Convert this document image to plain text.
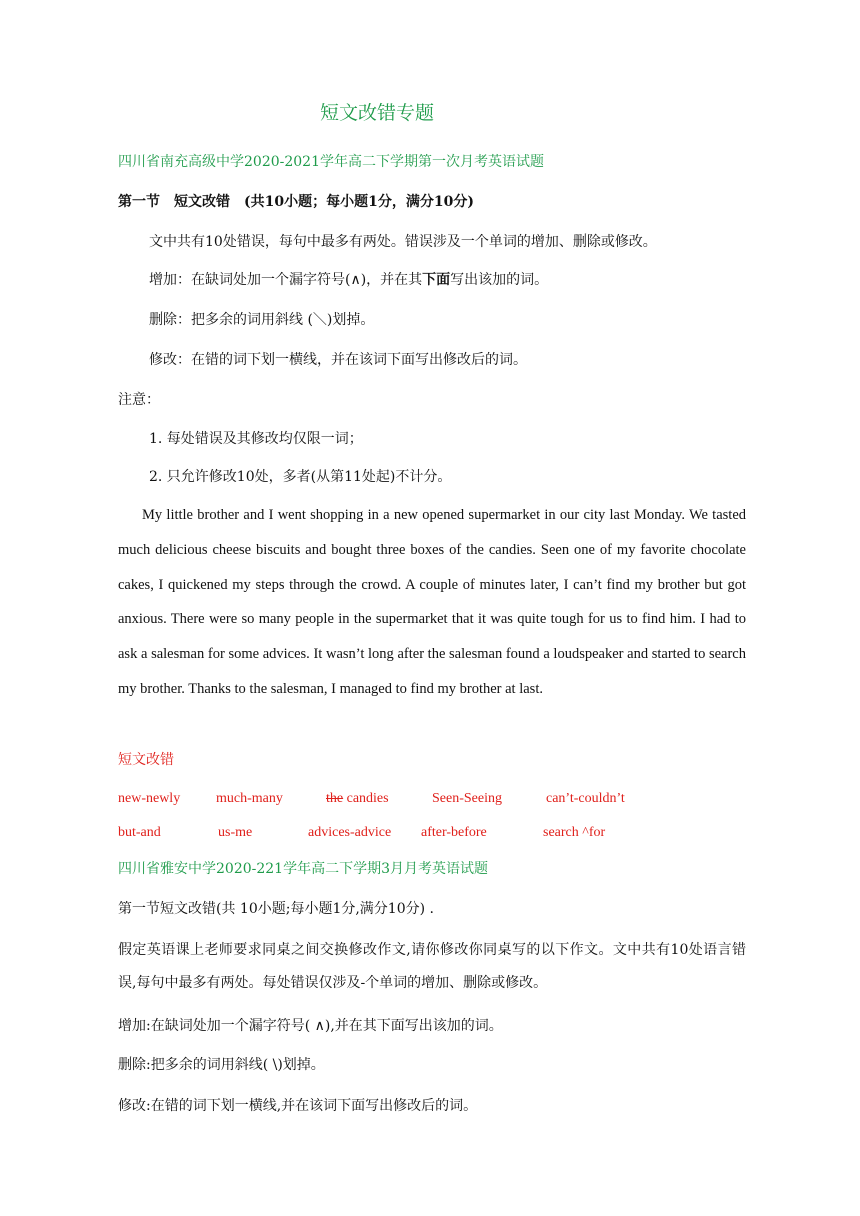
短文改错专题
四川省南充高级中学2020-2021学年高二下学期第一次月考英语试题
第一节　短文改错　(共10小题；每小题1分，满分10分)
文中共有10处错误，每句中最多有两处。错误涉及一个单词的增加、删除或修改。
增加：在缺词处加一个漏字符号(∧)，并在其下面写出该加的词。
删除：把多余的词用斜线 (＼)划掉。
修改：在错的词下划一横线，并在该词下面写出修改后的词。
注意：
1. 每处错误及其修改均仅限一词；
2. 只允许修改10处，多者(从第11处起)不计分。
My little brother and I went shopping in a new opened supermarket in our city last Monday. We tasted much delicious cheese biscuits and bought three boxes of the candies. Seen one of my favorite chocolate cakes, I quickened my steps through the crowd. A couple of minutes later, I can’t find my brother but got anxious. There were so many people in the supermarket that it was quite tough for us to find him. I had to ask a salesman for some advices. It wasn’t long after the salesman found a loudspeaker and started to search my brother. Thanks to the salesman, I managed to find my brother at last.
短文改错
new-newly	much-many	the candies	Seen-Seeing	can’t-couldn’t
but-and	us-me	advices-advice after-before	search ^for
四川省雅安中学2020-221学年高二下学期3月月考英语试题
第一节短文改错(共 10小题;每小题1分,满分10分) .
假定英语课上老师要求同桌之间交换修改作文,请你修改你同桌写的以下作文。文中共有10处语言错误,每句中最多有两处。每处错误仅涉及-个单词的增加、删除或修改。
增加:在缺词处加一个漏字符号( ∧),并在其下面写出该加的词。
删除:把多余的词用斜线( \)划掉。
修改:在错的词下划一横线,并在该词下面写出修改后的词。
